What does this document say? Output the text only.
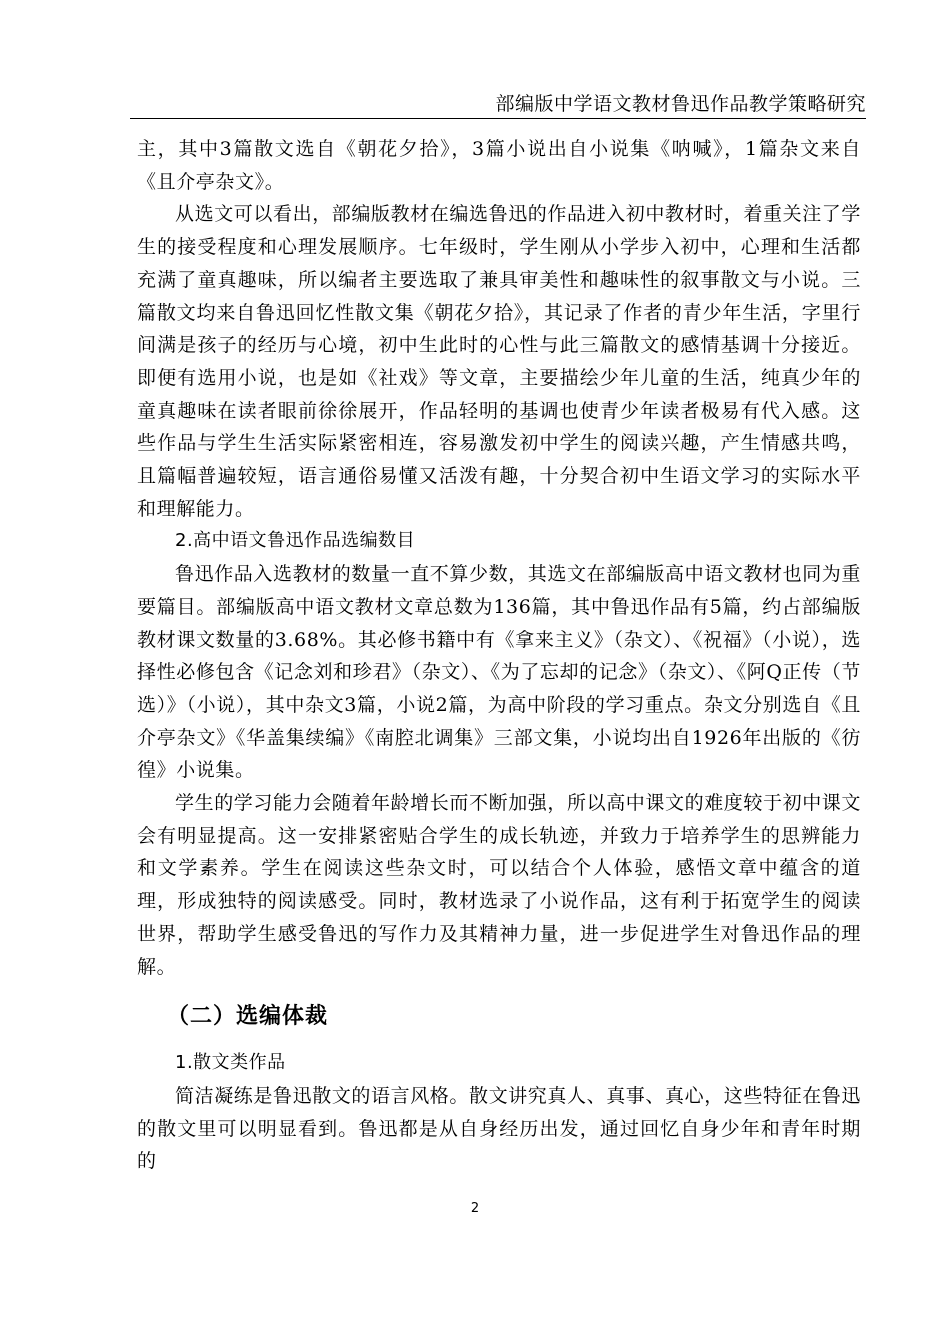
部编版中学语文教材鲁迅作品教学策略研究

主，其中3篇散文选自《朝花夕拾》，3篇小说出自小说集《呐喊》，1篇杂文来自《且介亭杂文》。

从选文可以看出，部编版教材在编选鲁迅的作品进入初中教材时，着重关注了学生的接受程度和心理发展顺序。七年级时，学生刚从小学步入初中，心理和生活都充满了童真趣味，所以编者主要选取了兼具审美性和趣味性的叙事散文与小说。三篇散文均来自鲁迅回忆性散文集《朝花夕拾》，其记录了作者的青少年生活，字里行间满是孩子的经历与心境，初中生此时的心性与此三篇散文的感情基调十分接近。即便有选用小说，也是如《社戏》等文章，主要描绘少年儿童的生活，纯真少年的童真趣味在读者眼前徐徐展开，作品轻明的基调也使青少年读者极易有代入感。这些作品与学生生活实际紧密相连，容易激发初中学生的阅读兴趣，产生情感共鸣，且篇幅普遍较短，语言通俗易懂又活泼有趣，十分契合初中生语文学习的实际水平和理解能力。

2.高中语文鲁迅作品选编数目

鲁迅作品入选教材的数量一直不算少数，其选文在部编版高中语文教材也同为重要篇目。部编版高中语文教材文章总数为136篇，其中鲁迅作品有5篇，约占部编版教材课文数量的3.68%。其必修书籍中有《拿来主义》（杂文）、《祝福》（小说），选择性必修包含《记念刘和珍君》（杂文）、《为了忘却的记念》（杂文）、《阿Q正传（节选）》（小说），其中杂文3篇，小说2篇，为高中阶段的学习重点。杂文分别选自《且介亭杂文》《华盖集续编》《南腔北调集》三部文集，小说均出自1926年出版的《彷徨》小说集。

学生的学习能力会随着年龄增长而不断加强，所以高中课文的难度较于初中课文会有明显提高。这一安排紧密贴合学生的成长轨迹，并致力于培养学生的思辨能力和文学素养。学生在阅读这些杂文时，可以结合个人体验，感悟文章中蕴含的道理，形成独特的阅读感受。同时，教材选录了小说作品，这有利于拓宽学生的阅读世界，帮助学生感受鲁迅的写作力及其精神力量，进一步促进学生对鲁迅作品的理解。

（二）选编体裁
1.散文类作品

简洁凝练是鲁迅散文的语言风格。散文讲究真人、真事、真心，这些特征在鲁迅的散文里可以明显看到。鲁迅都是从自身经历出发，通过回忆自身少年和青年时期的

2
